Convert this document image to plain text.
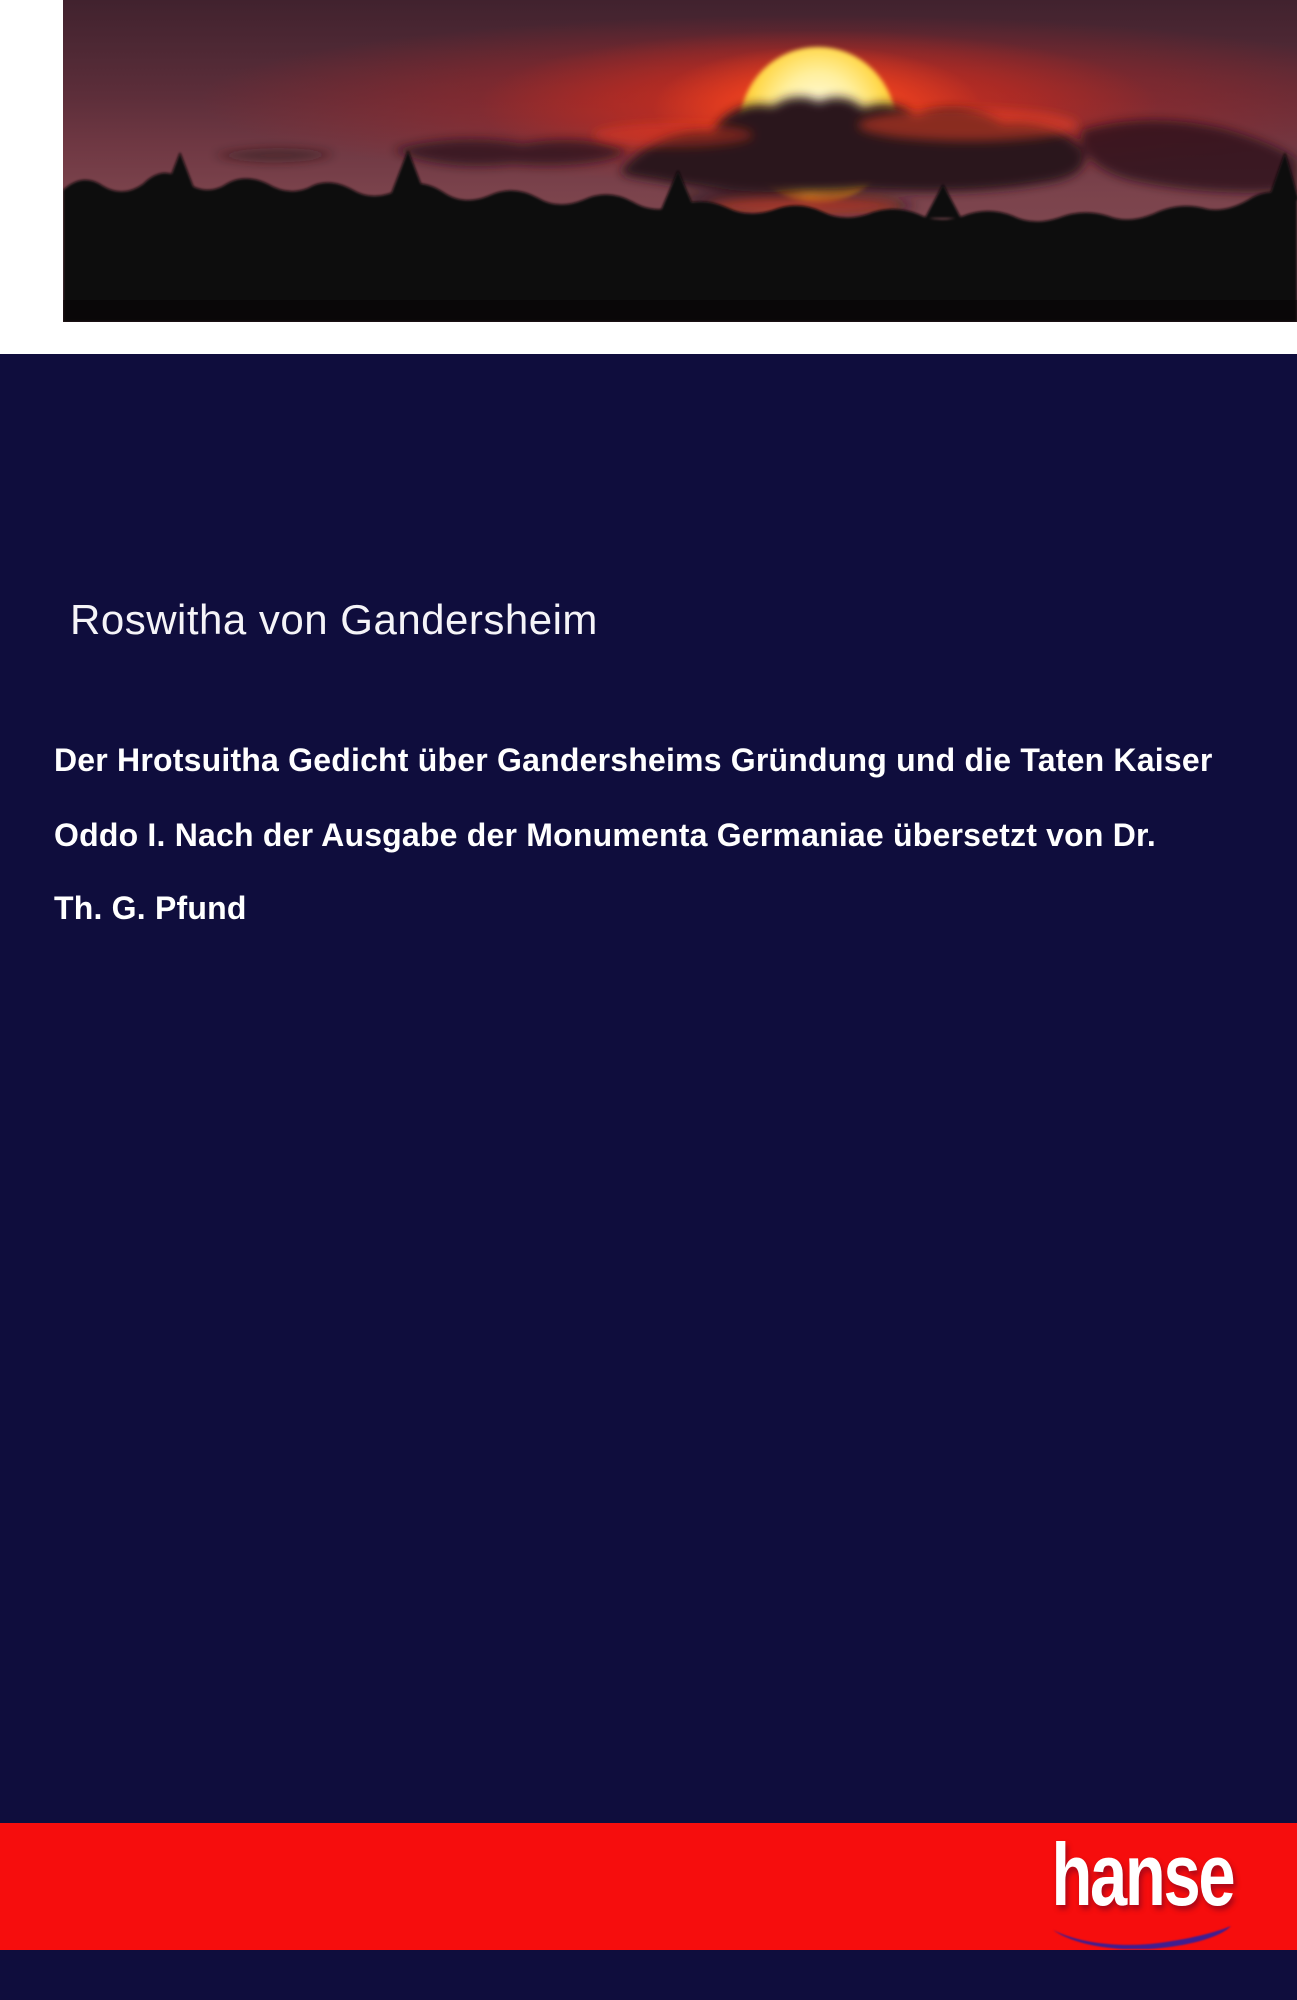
Roswitha von Gandersheim
Der Hrotsuitha Gedicht über Gandersheims Gründung und die Taten Kaiser
Oddo I. Nach der Ausgabe der Monumenta Germaniae übersetzt von Dr.
Th. G. Pfund
hanse
